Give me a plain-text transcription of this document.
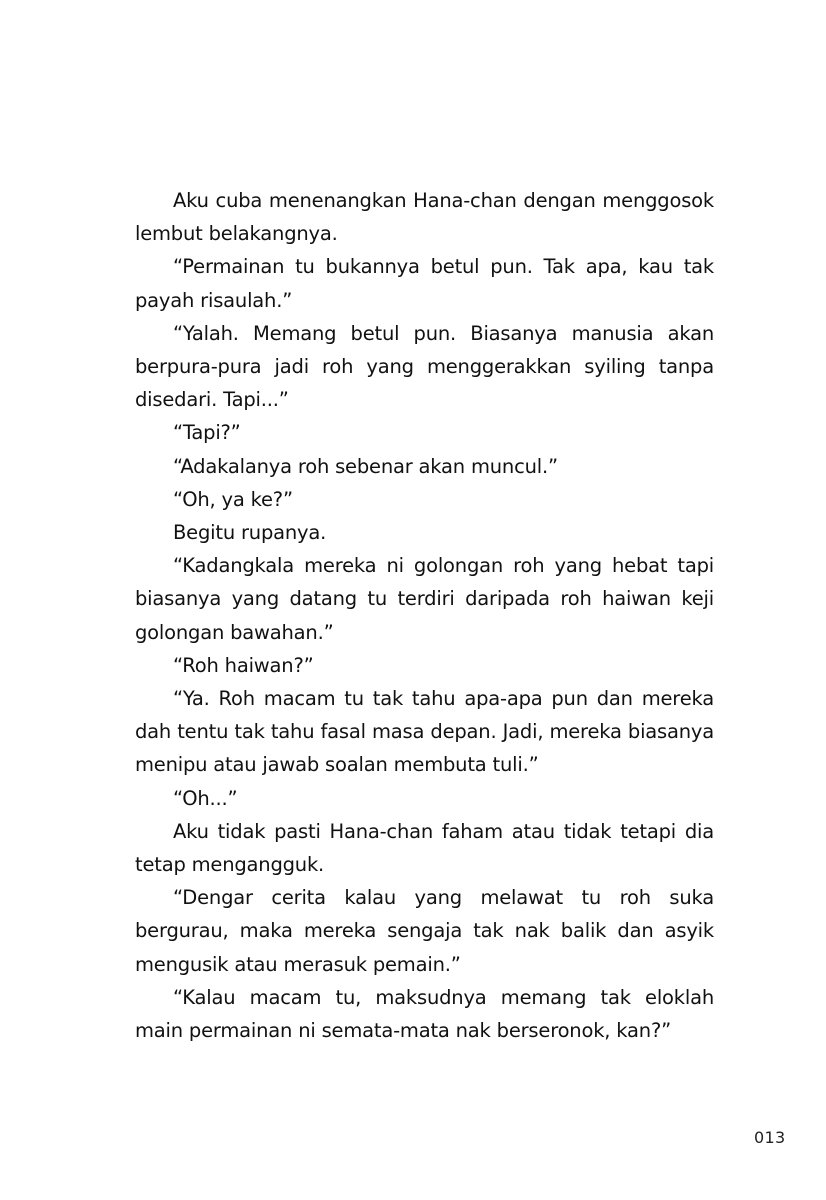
Aku cuba menenangkan Hana-chan dengan menggosok lembut belakangnya.

“Permainan tu bukannya betul pun. Tak apa, kau tak payah risaulah.”

“Yalah. Memang betul pun. Biasanya manusia akan berpura-pura jadi roh yang menggerakkan syiling tanpa disedari. Tapi...”

“Tapi?”

“Adakalanya roh sebenar akan muncul.”

“Oh, ya ke?”

Begitu rupanya.

“Kadangkala mereka ni golongan roh yang hebat tapi biasanya yang datang tu terdiri daripada roh haiwan keji golongan bawahan.”

“Roh haiwan?”

“Ya. Roh macam tu tak tahu apa-apa pun dan mereka dah tentu tak tahu fasal masa depan. Jadi, mereka biasanya menipu atau jawab soalan membuta tuli.”

“Oh...”

Aku tidak pasti Hana-chan faham atau tidak tetapi dia tetap mengangguk.

“Dengar cerita kalau yang melawat tu roh suka bergurau, maka mereka sengaja tak nak balik dan asyik mengusik atau merasuk pemain.”

“Kalau macam tu, maksudnya memang tak eloklah main permainan ni semata-mata nak berseronok, kan?”

013
